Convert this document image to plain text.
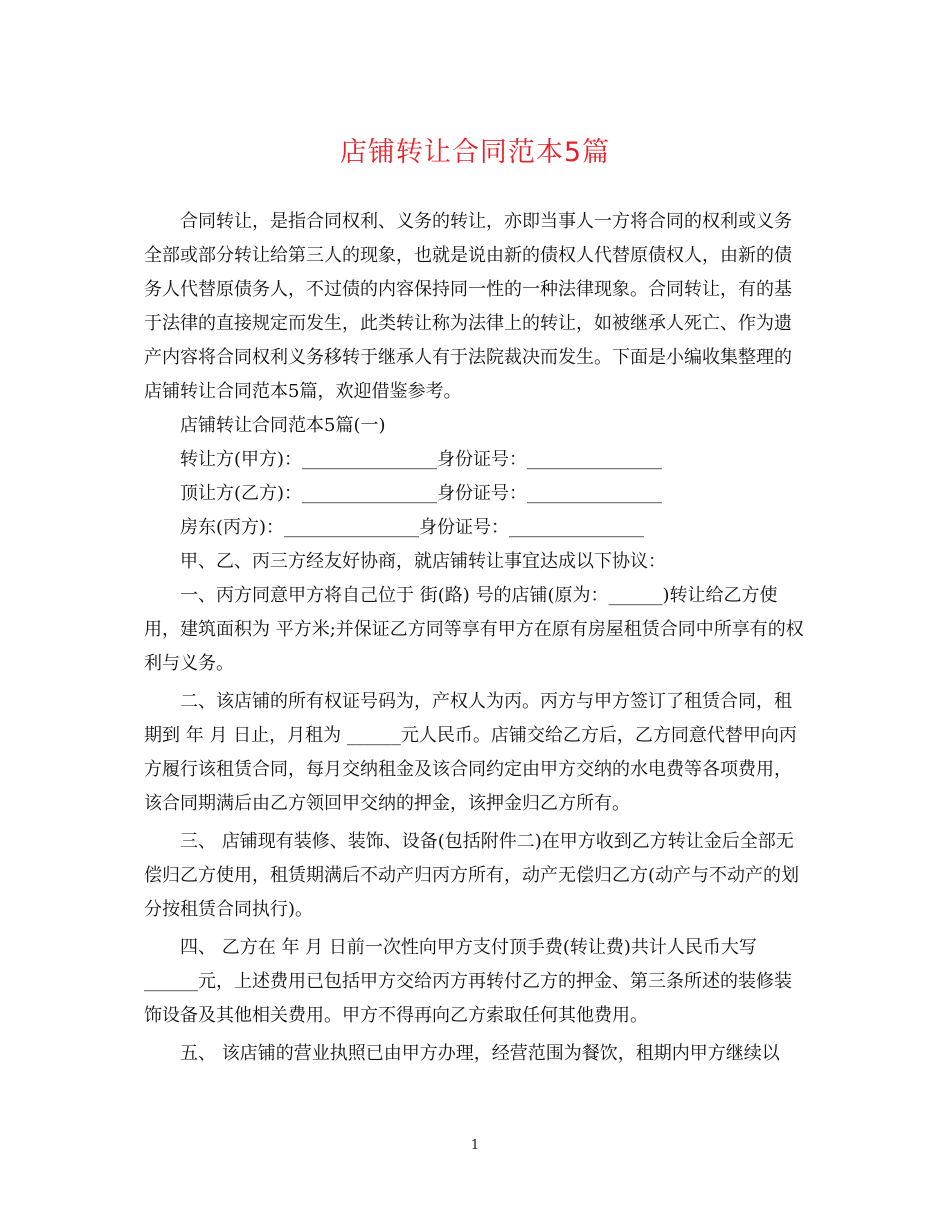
店铺转让合同范本5篇

合同转让，是指合同权利、义务的转让，亦即当事人一方将合同的权利或义务全部或部分转让给第三人的现象，也就是说由新的债权人代替原债权人，由新的债务人代替原债务人，不过债的内容保持同一性的一种法律现象。合同转让，有的基于法律的直接规定而发生，此类转让称为法律上的转让，如被继承人死亡、作为遗产内容将合同权利义务移转于继承人有于法院裁决而发生。下面是小编收集整理的店铺转让合同范本5篇，欢迎借鉴参考。

店铺转让合同范本5篇(一)

转让方(甲方)：_______________身份证号：_______________

顶让方(乙方)：_______________身份证号：_______________

房东(丙方)：_______________身份证号：_______________

甲、乙、丙三方经友好协商，就店铺转让事宜达成以下协议：

一、丙方同意甲方将自己位于 街(路) 号的店铺(原为：______)转让给乙方使用，建筑面积为 平方米;并保证乙方同等享有甲方在原有房屋租赁合同中所享有的权利与义务。

二、该店铺的所有权证号码为，产权人为丙。丙方与甲方签订了租赁合同，租期到 年 月 日止，月租为 ______元人民币。店铺交给乙方后，乙方同意代替甲向丙方履行该租赁合同，每月交纳租金及该合同约定由甲方交纳的水电费等各项费用，该合同期满后由乙方领回甲交纳的押金，该押金归乙方所有。

三、 店铺现有装修、装饰、设备(包括附件二)在甲方收到乙方转让金后全部无偿归乙方使用，租赁期满后不动产归丙方所有，动产无偿归乙方(动产与不动产的划分按租赁合同执行)。

四、 乙方在 年 月 日前一次性向甲方支付顶手费(转让费)共计人民币大写______元，上述费用已包括甲方交给丙方再转付乙方的押金、第三条所述的装修装饰设备及其他相关费用。甲方不得再向乙方索取任何其他费用。

五、 该店铺的营业执照已由甲方办理，经营范围为餐饮，租期内甲方继续以

1
